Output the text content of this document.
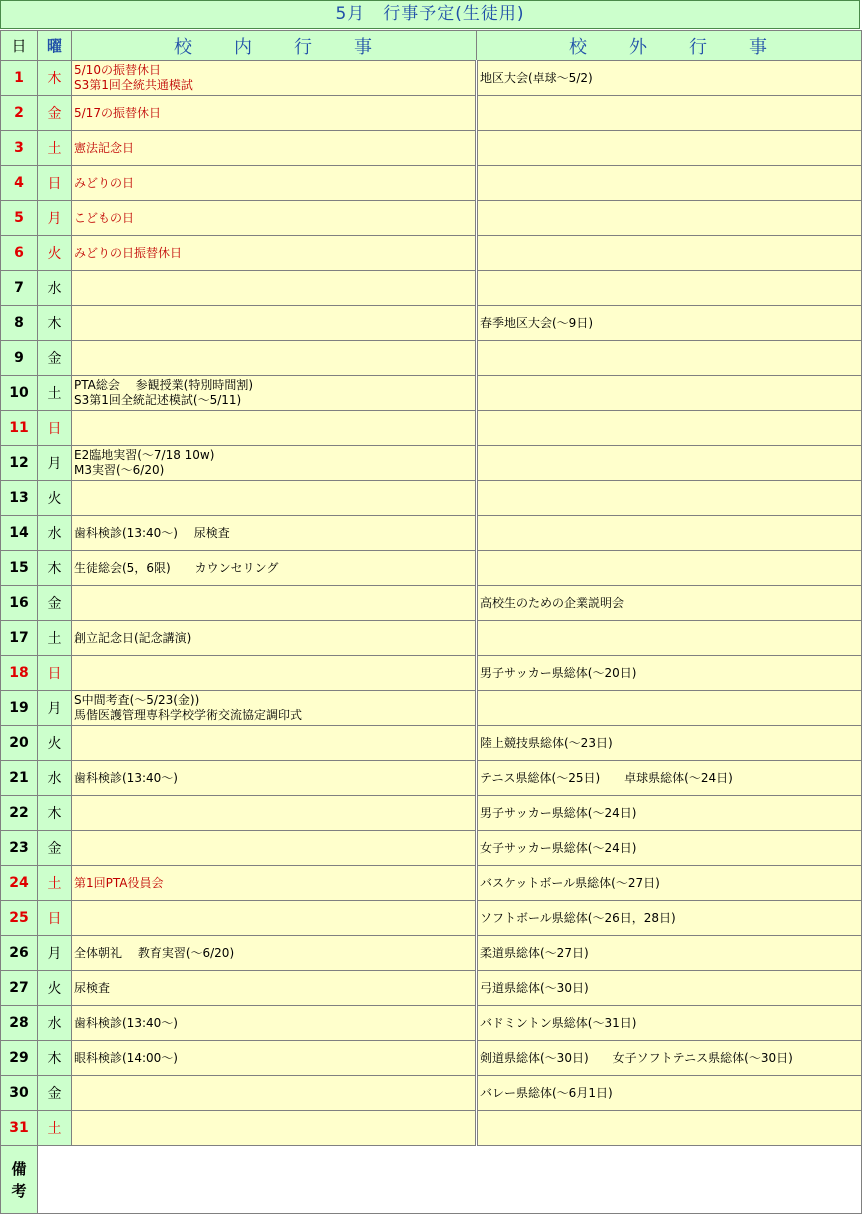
5月　行事予定(生徒用)
日	曜	校　　内　　行　　事	校　　外　　行　　事
1	木	5/10の振替休日
S3第1回全統共通模試	地区大会(卓球～5/2)

2	金	5/17の振替休日	

3	土	憲法記念日	

4	日	みどりの日	

5	月	こどもの日	

6	火	みどりの日振替休日	

7	水	

8	木		春季地区大会(～9日)

9	金	

10	土	PTA総会　 参観授業(特別時間割)
S3第1回全統記述模試(～5/11)	

11	日	

12	月	E2臨地実習(～7/18 10w)
M3実習(～6/20)	

13	火	

14	水	歯科検診(13:40～)　 尿検査	

15	木	生徒総会(5，6限)　　カウンセリング	

16	金		高校生のための企業説明会

17	土	創立記念日(記念講演)	

18	日		男子サッカー県総体(～20日)

19	月	S中間考査(～5/23(金))
馬偕医護管理専科学校学術交流協定調印式	

20	火		陸上競技県総体(～23日)

21	水	歯科検診(13:40～)	テニス県総体(～25日)　　卓球県総体(～24日)

22	木		男子サッカー県総体(～24日)

23	金		女子サッカー県総体(～24日)

24	土	第1回PTA役員会	バスケットボール県総体(～27日)

25	日		ソフトボール県総体(～26日，28日)

26	月	全体朝礼　 教育実習(～6/20)	柔道県総体(～27日)

27	火	尿検査	弓道県総体(～30日)

28	水	歯科検診(13:40～)	バドミントン県総体(～31日)

29	木	眼科検診(14:00～)	剣道県総体(～30日)　　女子ソフトテニス県総体(～30日)

30	金		バレー県総体(～6月1日)

31	土	

備
考			
